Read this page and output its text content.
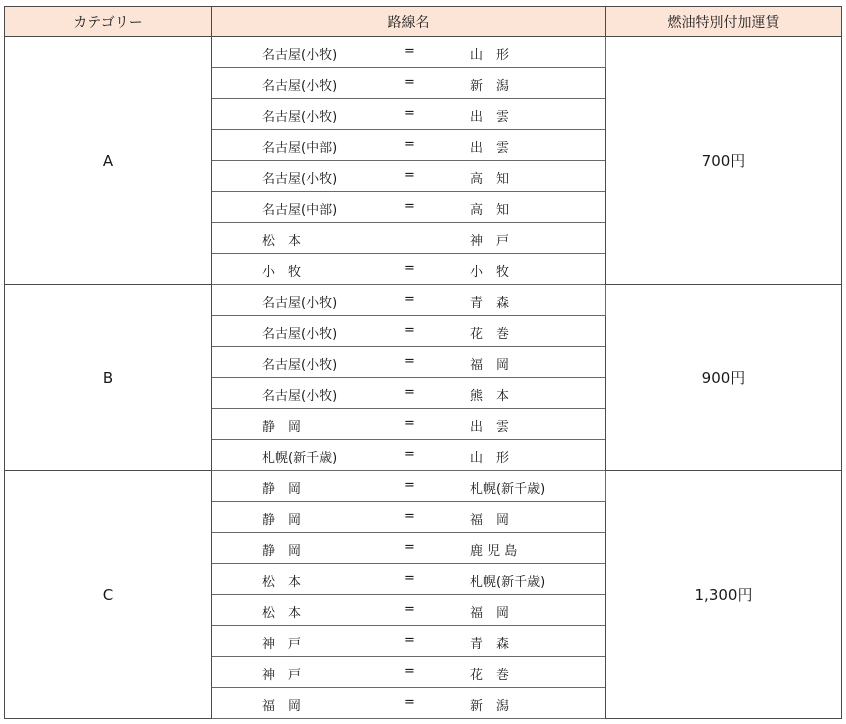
カテゴリー	路線名	燃油特別付加運賃
A	名古屋(小牧) = 山　形	700円

	名古屋(小牧) = 新　潟	

	名古屋(小牧) = 出　雲	

	名古屋(中部) = 出　雲	

	名古屋(小牧) = 高　知	

	名古屋(中部) = 高　知	

	松　本 神　戸	

	小　牧 = 小　牧	

B	名古屋(小牧) = 青　森	900円

	名古屋(小牧) = 花　巻	

	名古屋(小牧) = 福　岡	

	名古屋(小牧) = 熊　本	

	静　岡 = 出　雲	

	札幌(新千歳) = 山　形	

C	静　岡 = 札幌(新千歳)	1,300円

	静　岡 = 福　岡	

	静　岡 = 鹿 児 島	

	松　本 = 札幌(新千歳)	

	松　本 = 福　岡	

	神　戸 = 青　森	

	神　戸 = 花　巻	

	福　岡 = 新　潟	
